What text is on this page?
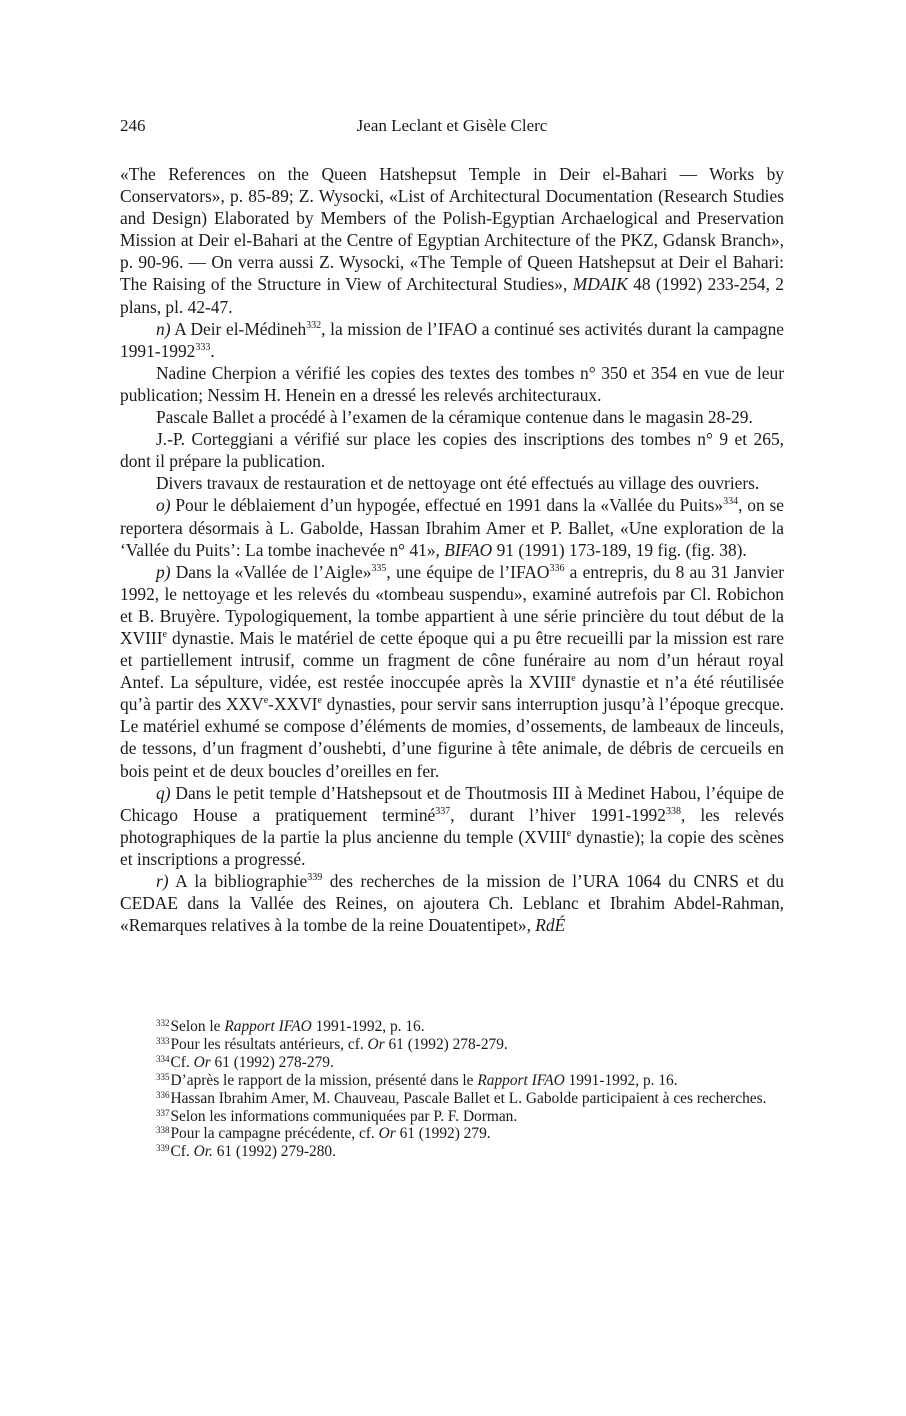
246	Jean Leclant et Gisèle Clerc

«The References on the Queen Hatshepsut Temple in Deir el-Bahari — Works by Conservators», p. 85-89; Z. Wysocki, «List of Architectural Documentation (Research Studies and Design) Elaborated by Members of the Polish-Egyptian Archaelogical and Preservation Mission at Deir el-Bahari at the Centre of Egyptian Architecture of the PKZ, Gdansk Branch», p. 90-96. — On verra aussi Z. Wysocki, «The Temple of Queen Hatshepsut at Deir el Bahari: The Raising of the Structure in View of Architectural Studies», MDAIK 48 (1992) 233-254, 2 plans, pl. 42-47.

n) A Deir el-Médineh$^{332}$, la mission de l’IFAO a continué ses activités durant la campagne 1991-1992$^{333}$.

Nadine Cherpion a vérifié les copies des textes des tombes n° 350 et 354 en vue de leur publication; Nessim H. Henein en a dressé les relevés architecturaux.

Pascale Ballet a procédé à l’examen de la céramique contenue dans le magasin 28-29.

J.-P. Corteggiani a vérifié sur place les copies des inscriptions des tombes n° 9 et 265, dont il prépare la publication.

Divers travaux de restauration et de nettoyage ont été effectués au village des ouvriers.

o) Pour le déblaiement d’un hypogée, effectué en 1991 dans la «Vallée du Puits»$^{334}$, on se reportera désormais à L. Gabolde, Hassan Ibrahim Amer et P. Ballet, «Une exploration de la ‘Vallée du Puits’: La tombe inachevée n° 41», BIFAO 91 (1991) 173-189, 19 fig. (fig. 38).

p) Dans la «Vallée de l’Aigle»$^{335}$, une équipe de l’IFAO$^{336}$ a entrepris, du 8 au 31 Janvier 1992, le nettoyage et les relevés du «tombeau suspendu», examiné autrefois par Cl. Robichon et B. Bruyère. Typologiquement, la tombe appartient à une série princière du tout début de la XVIIIe dynastie. Mais le matériel de cette époque qui a pu être recueilli par la mission est rare et partiellement intrusif, comme un fragment de cône funéraire au nom d’un héraut royal Antef. La sépulture, vidée, est restée inoccupée après la XVIIIe dynastie et n’a été réutilisée qu’à partir des XXVe-XXVIe dynasties, pour servir sans interruption jusqu’à l’époque grecque. Le matériel exhumé se compose d’éléments de momies, d’ossements, de lambeaux de linceuls, de tessons, d’un fragment d’oushebti, d’une figurine à tête animale, de débris de cercueils en bois peint et de deux boucles d’oreilles en fer.

q) Dans le petit temple d’Hatshepsout et de Thoutmosis III à Medinet Habou, l’équipe de Chicago House a pratiquement terminé$^{337}$, durant l’hiver 1991-1992$^{338}$, les relevés photographiques de la partie la plus ancienne du temple (XVIIIe dynastie); la copie des scènes et inscriptions a progressé.

r) A la bibliographie$^{339}$ des recherches de la mission de l’URA 1064 du CNRS et du CEDAE dans la Vallée des Reines, on ajoutera Ch. Leblanc et Ibrahim Abdel-Rahman, «Remarques relatives à la tombe de la reine Douatentipet», RdÉ

$^{332}$Selon le Rapport IFAO 1991-1992, p. 16.

$^{333}$Pour les résultats antérieurs, cf. Or 61 (1992) 278-279.

$^{334}$Cf. Or 61 (1992) 278-279.

$^{335}$D’après le rapport de la mission, présenté dans le Rapport IFAO 1991-1992, p. 16.

$^{336}$Hassan Ibrahim Amer, M. Chauveau, Pascale Ballet et L. Gabolde participaient à ces recherches.

$^{337}$Selon les informations communiquées par P. F. Dorman.

$^{338}$Pour la campagne précédente, cf. Or 61 (1992) 279.

$^{339}$Cf. Or. 61 (1992) 279-280.
